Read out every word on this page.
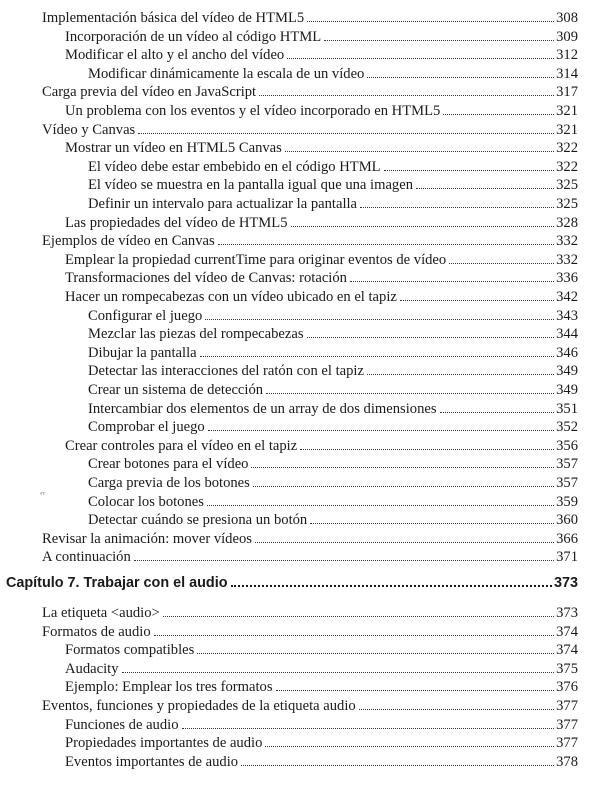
Implementación básica del vídeo de HTML5	308
Incorporación de un vídeo al código HTML	309
Modificar el alto y el ancho del vídeo	312
Modificar dinámicamente la escala de un vídeo	314
Carga previa del vídeo en JavaScript	317
Un problema con los eventos y el vídeo incorporado en HTML5	321
Vídeo y Canvas	321
Mostrar un vídeo en HTML5 Canvas	322
El vídeo debe estar embebido en el código HTML	322
El vídeo se muestra en la pantalla igual que una imagen	325
Definir un intervalo para actualizar la pantalla	325
Las propiedades del vídeo de HTML5	328
Ejemplos de vídeo en Canvas	332
Emplear la propiedad currentTime para originar eventos de vídeo	332
Transformaciones del vídeo de Canvas: rotación	336
Hacer un rompecabezas con un vídeo ubicado en el tapiz	342
Configurar el juego	343
Mezclar las piezas del rompecabezas	344
Dibujar la pantalla	346
Detectar las interacciones del ratón con el tapiz	349
Crear un sistema de detección	349
Intercambiar dos elementos de un array de dos dimensiones	351
Comprobar el juego	352
Crear controles para el vídeo en el tapiz	356
Crear botones para el vídeo	357
Carga previa de los botones	357
Colocar los botones	359
Detectar cuándo se presiona un botón	360
Revisar la animación: mover vídeos	366
A continuación	371
Capítulo 7. Trabajar con el audio	373
La etiqueta <audio>	373
Formatos de audio	374
Formatos compatibles	374
Audacity	375
Ejemplo: Emplear los tres formatos	376
Eventos, funciones y propiedades de la etiqueta audio	377
Funciones de audio	377
Propiedades importantes de audio	377
Eventos importantes de audio	378
ᵉᶜ
